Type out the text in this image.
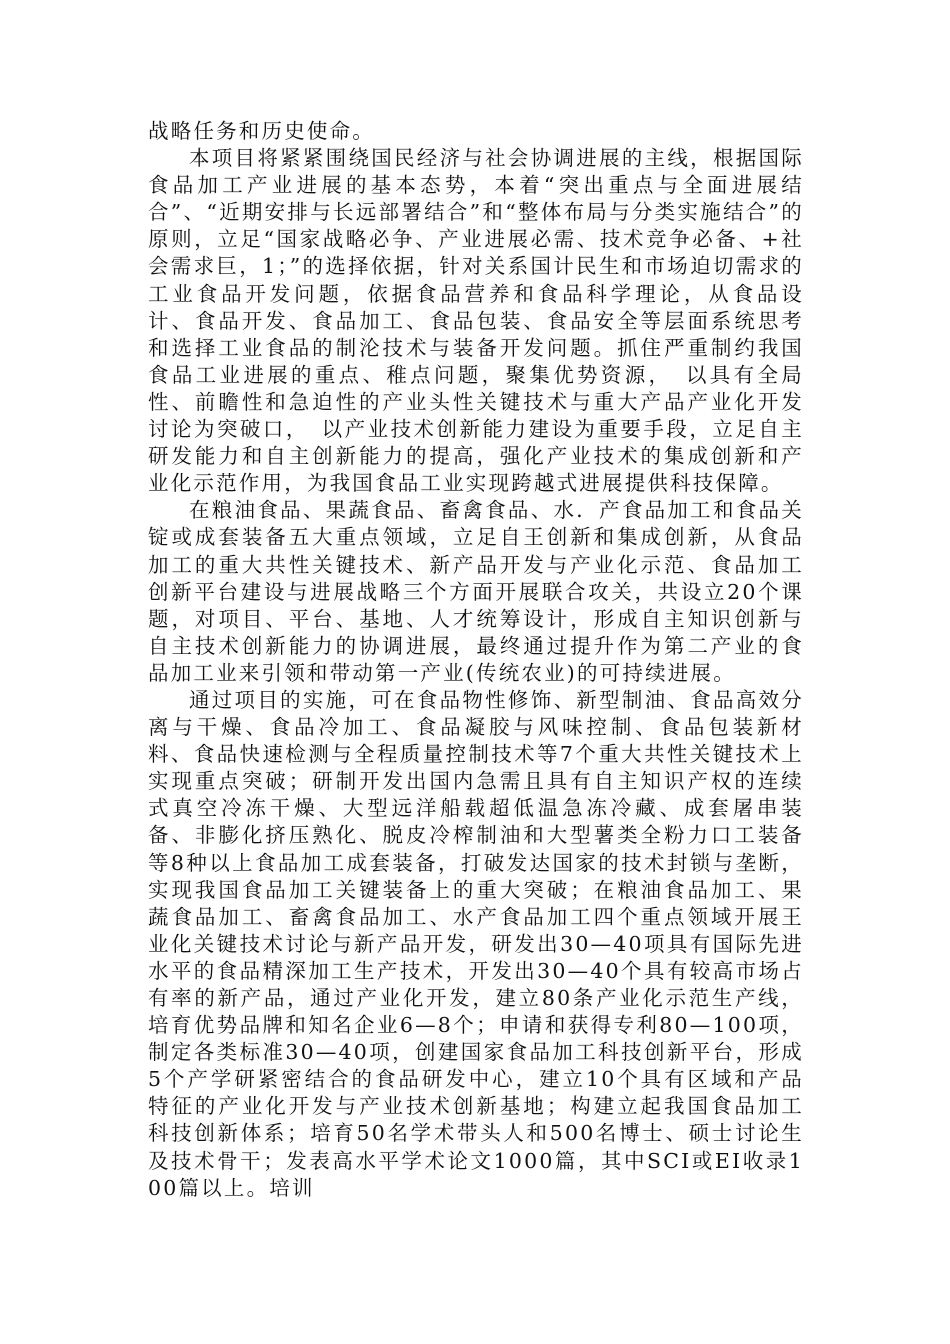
战略任务和历史使命。

本项目将紧紧围绕国民经济与社会协调进展的主线，根据国际食品加工产业进展的基本态势，本着“突出重点与全面进展结合”、“近期安排与长远部署结合”和“整体布局与分类实施结合”的原则，立足“国家战略必争、产业进展必需、技术竞争必备、+社会需求巨，1；”的选择依据，针对关系国计民生和市场迫切需求的工业食品开发问题，依据食品营养和食品科学理论，从食品设计、食品开发、食品加工、食品包装、食品安全等层面系统思考和选择工业食品的制沦技术与装备开发问题。抓住严重制约我国食品工业进展的重点、稚点问题，聚集优势资源，　以具有全局性、前瞻性和急迫性的产业头性关键技术与重大产品产业化开发讨论为突破口，　以产业技术创新能力建设为重要手段，立足自主研发能力和自主创新能力的提高，强化产业技术的集成创新和产业化示范作用，为我国食品工业实现跨越式进展提供科技保障。

在粮油食品、果蔬食品、畜禽食品、水．产食品加工和食品关锭或成套装备五大重点领域，立足自王创新和集成创新，从食品加工的重大共性关键技术、新产品开发与产业化示范、食品加工创新平台建设与进展战略三个方面开展联合攻关，共设立20个课题，对项目、平台、基地、人才统筹设计，形成自主知识创新与自主技术创新能力的协调进展，最终通过提升作为第二产业的食品加工业来引领和带动第一产业(传统农业)的可持续进展。

通过项目的实施，可在食品物性修饰、新型制油、食品高效分离与干燥、食品冷加工、食品凝胶与风味控制、食品包装新材料、食品快速检测与全程质量控制技术等7个重大共性关键技术上实现重点突破；研制开发出国内急需且具有自主知识产权的连续式真空冷冻干燥、大型远洋船载超低温急冻冷藏、成套屠串装备、非膨化挤压熟化、脱皮冷榨制油和大型薯类全粉力口工装备等8种以上食品加工成套装备，打破发达国家的技术封锁与垄断，实现我国食品加工关键装备上的重大突破；在粮油食品加工、果蔬食品加工、畜禽食品加工、水产食品加工四个重点领域开展王业化关键技术讨论与新产品开发，研发出30—40项具有国际先进水平的食品精深加工生产技术，开发出30—40个具有较高市场占有率的新产品，通过产业化开发，建立80条产业化示范生产线，培育优势品牌和知名企业6—8个；申请和获得专利80—100项，制定各类标准30—40项，创建国家食品加工科技创新平台，形成5个产学研紧密结合的食品研发中心，建立10个具有区域和产品特征的产业化开发与产业技术创新基地；构建立起我国食品加工科技创新体系；培育50名学术带头人和500名博士、硕士讨论生及技术骨干；发表高水平学术论文1000篇，其中SCI或EI收录100篇以上。培训
